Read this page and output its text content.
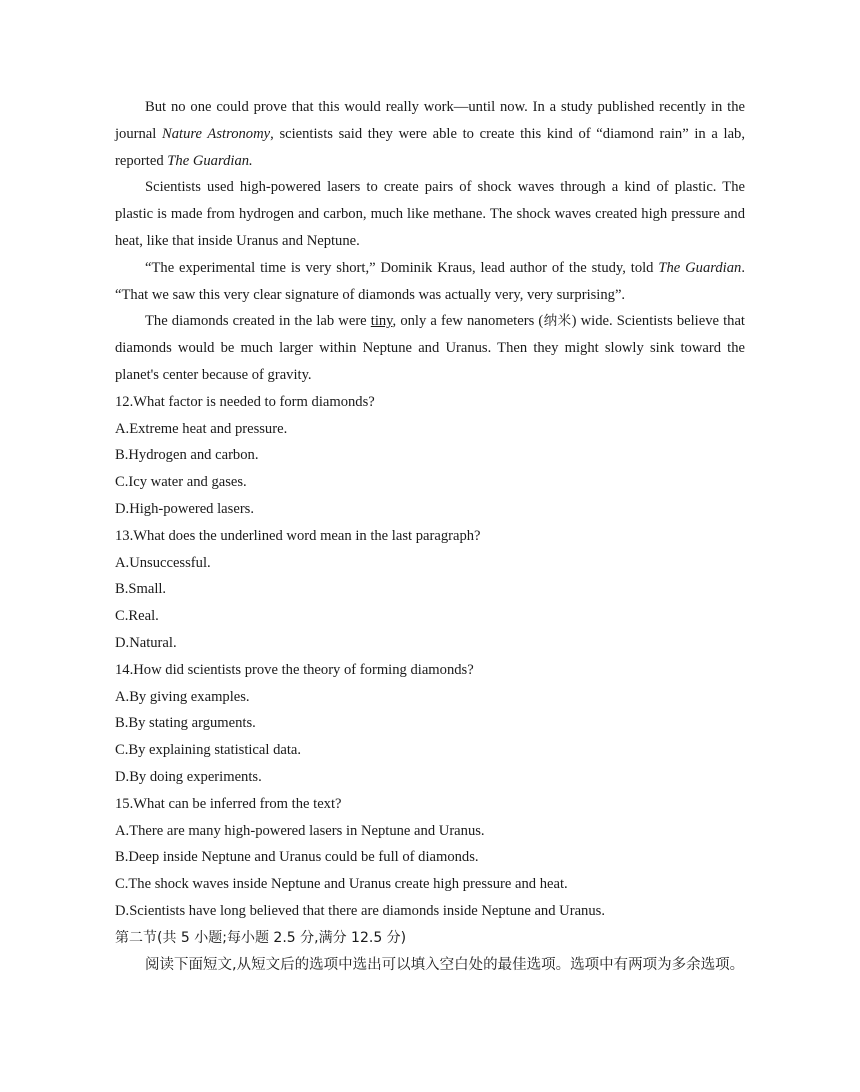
But no one could prove that this would really work—until now. In a study published recently in the journal Nature Astronomy, scientists said they were able to create this kind of “diamond rain” in a lab, reported The Guardian.

Scientists used high-powered lasers to create pairs of shock waves through a kind of plastic. The plastic is made from hydrogen and carbon, much like methane. The shock waves created high pressure and heat, like that inside Uranus and Neptune.

“The experimental time is very short,” Dominik Kraus, lead author of the study, told The Guardian. “That we saw this very clear signature of diamonds was actually very, very surprising”.

The diamonds created in the lab were tiny, only a few nanometers (纳米) wide. Scientists believe that diamonds would be much larger within Neptune and Uranus. Then they might slowly sink toward the planet's center because of gravity.

12.What factor is needed to form diamonds?

A.Extreme heat and pressure.

B.Hydrogen and carbon.

C.Icy water and gases.

D.High-powered lasers.

13.What does the underlined word mean in the last paragraph?

A.Unsuccessful.

B.Small.

C.Real.

D.Natural.

14.How did scientists prove the theory of forming diamonds?

A.By giving examples.

B.By stating arguments.

C.By explaining statistical data.

D.By doing experiments.

15.What can be inferred from the text?

A.There are many high-powered lasers in Neptune and Uranus.

B.Deep inside Neptune and Uranus could be full of diamonds.

C.The shock waves inside Neptune and Uranus create high pressure and heat.

D.Scientists have long believed that there are diamonds inside Neptune and Uranus.

第二节(共 5 小题;每小题 2.5 分,满分 12.5 分)

阅读下面短文,从短文后的选项中选出可以填入空白处的最佳选项。选项中有两项为多余选项。
